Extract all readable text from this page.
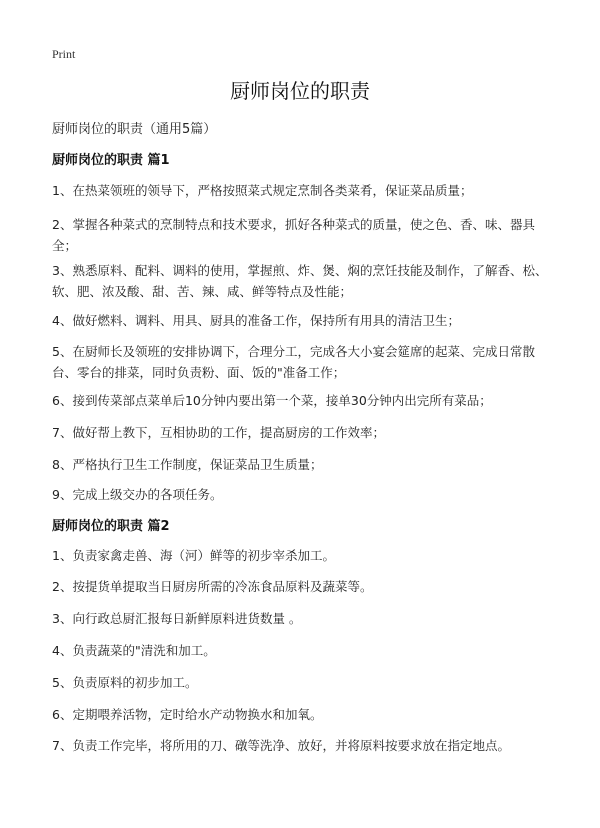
Print
厨师岗位的职责
厨师岗位的职责（通用5篇）
厨师岗位的职责 篇1
1、在热菜领班的领导下，严格按照菜式规定烹制各类菜肴，保证菜品质量；
2、掌握各种菜式的烹制特点和技术要求，抓好各种菜式的质量，使之色、香、味、器具全；
3、熟悉原料、配料、调料的使用，掌握煎、炸、煲、焖的烹饪技能及制作，了解香、松、软、肥、浓及酸、甜、苦、辣、咸、鲜等特点及性能；
4、做好燃料、调料、用具、厨具的准备工作，保持所有用具的清洁卫生；
5、在厨师长及领班的安排协调下，合理分工，完成各大小宴会筵席的起菜、完成日常散台、零台的排菜，同时负责粉、面、饭的"准备工作；
6、接到传菜部点菜单后10分钟内要出第一个菜，接单30分钟内出完所有菜品；
7、做好帮上教下，互相协助的工作，提高厨房的工作效率；
8、严格执行卫生工作制度，保证菜品卫生质量；
9、完成上级交办的各项任务。
厨师岗位的职责 篇2
1、负责家禽走兽、海（河）鲜等的初步宰杀加工。
2、按提货单提取当日厨房所需的冷冻食品原料及蔬菜等。
3、向行政总厨汇报每日新鲜原料进货数量 。
4、负责蔬菜的"清洗和加工。
5、负责原料的初步加工。
6、定期喂养活物，定时给水产动物换水和加氧。
7、负责工作完毕，将所用的刀、礅等洗净、放好，并将原料按要求放在指定地点。
